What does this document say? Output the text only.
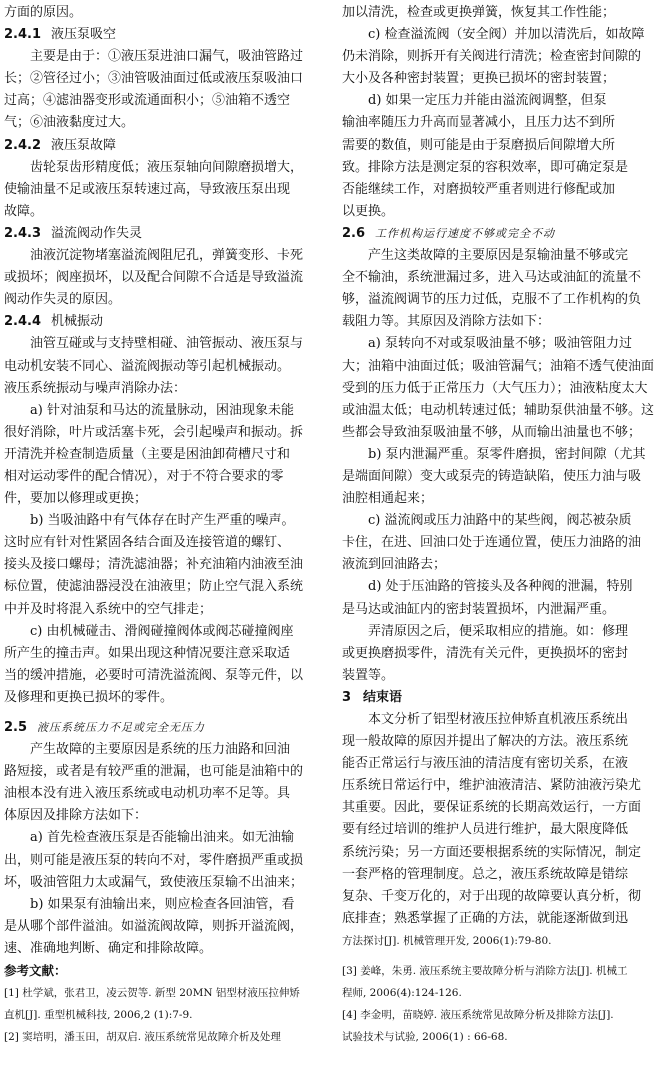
方面的原因。
2.4.1 液压泵吸空
主要是由于：①液压泵进油口漏气，吸油管路过
长；②管径过小；③油管吸油面过低或液压泵吸油口
过高；④滤油器变形或流通面积小；⑤油箱不透空
气；⑥油液黏度过大。
2.4.2 液压泵故障
齿轮泵齿形精度低；液压泵轴向间隙磨损增大，
使输油量不足或液压泵转速过高，导致液压泵出现
故障。
2.4.3 溢流阀动作失灵
油液沉淀物堵塞溢流阀阻尼孔，弹簧变形、卡死
或损坏；阀座损坏，以及配合间隙不合适是导致溢流
阀动作失灵的原因。
2.4.4 机械振动
油管互碰或与支持壁相碰、油管振动、液压泵与
电动机安装不同心、溢流阀振动等引起机械振动。
液压系统振动与噪声消除办法：
a) 针对油泵和马达的流量脉动，困油现象未能
很好消除，叶片或活塞卡死，会引起噪声和振动。拆
开清洗并检查制造质量（主要是困油卸荷槽尺寸和
相对运动零件的配合情况），对于不符合要求的零
件，要加以修理或更换；
b) 当吸油路中有气体存在时产生严重的噪声。
这时应有针对性紧固各结合面及连接管道的螺钉、
接头及接口螺母；清洗滤油器；补充油箱内油液至油
标位置，使滤油器浸没在油液里；防止空气混入系统
中并及时将混入系统中的空气排走；
c) 由机械碰击、滑阀碰撞阀体或阀芯碰撞阀座
所产生的撞击声。如果出现这种情况要注意采取适
当的缓冲措施，必要时可清洗溢流阀、泵等元件，以
及修理和更换已损坏的零件。
2.5 液压系统压力不足或完全无压力
产生故障的主要原因是系统的压力油路和回油
路短接，或者是有较严重的泄漏，也可能是油箱中的
油根本没有进入液压系统或电动机功率不足等。具
体原因及排除方法如下：
a) 首先检查液压泵是否能输出油来。如无油输
出，则可能是液压泵的转向不对，零件磨损严重或损
坏，吸油管阻力太或漏气，致使液压泵输不出油来；
b) 如果泵有油输出来，则应检查各回油管，看
是从哪个部件溢油。如溢流阀故障，则拆开溢流阀，
速、准确地判断、确定和排除故障。
参考文献：
[1] 杜学斌，张君卫，凌云贺等. 新型 20MN 铝型材液压拉伸矫
直机[J]. 重型机械科技, 2006,2 (1):7-9.
[2] 窦培明，潘玉田，胡双启. 液压系统常见故障介析及处理
加以清洗，检查或更换弹簧，恢复其工作性能；
c) 检查溢流阀（安全阀）并加以清洗后，如故障
仍未消除，则拆开有关阀进行清洗；检查密封间隙的
大小及各种密封装置；更换已损坏的密封装置；
d) 如果一定压力并能由溢流阀调整，但泵
输油率随压力升高而显著减小，且压力达不到所
需要的数值，则可能是由于泵磨损后间隙增大所
致。排除方法是测定泵的容积效率，即可确定泵是
否能继续工作，对磨损较严重者则进行修配或加
以更换。
2.6 工作机构运行速度不够或完全不动
产生这类故障的主要原因是泵输油量不够或完
全不输油，系统泄漏过多，进入马达或油缸的流量不
够，溢流阀调节的压力过低，克服不了工作机构的负
载阻力等。其原因及消除方法如下：
a) 泵转向不对或泵吸油量不够；吸油管阻力过
大；油箱中油面过低；吸油管漏气；油箱不透气使油面
受到的压力低于正常压力（大气压力）；油液粘度太大
或油温太低；电动机转速过低；辅助泵供油量不够。这
些都会导致油泵吸油量不够，从而输出油量也不够；
b) 泵内泄漏严重。泵零件磨损，密封间隙（尤其
是端面间隙）变大或泵壳的铸造缺陷，使压力油与吸
油腔相通起来；
c) 溢流阀或压力油路中的某些阀，阀芯被杂质
卡住，在进、回油口处于连通位置，使压力油路的油
液流到回油路去；
d) 处于压油路的管接头及各种阀的泄漏，特别
是马达或油缸内的密封装置损坏，内泄漏严重。
弄清原因之后，便采取相应的措施。如：修理
或更换磨损零件，清洗有关元件，更换损坏的密封
装置等。
3 结束语
本文分析了铝型材液压拉伸矫直机液压系统出
现一般故障的原因并提出了解决的方法。液压系统
能否正常运行与液压油的清洁度有密切关系，在液
压系统日常运行中，维护油液清洁、紧防油液污染尤
其重要。因此，要保证系统的长期高效运行，一方面
要有经过培训的维护人员进行维护，最大限度降低
系统污染；另一方面还要根据系统的实际情况，制定
一套严格的管理制度。总之，液压系统故障是错综
复杂、千变万化的，对于出现的故障要认真分析，彻
底排查；熟悉掌握了正确的方法，就能逐渐做到迅
方法探讨[J]. 机械管理开发, 2006(1):79-80.
[3] 姜峰，朱勇. 液压系统主要故障分析与消除方法[J]. 机械工
程师, 2006(4):124-126.
[4] 李金明，苗晓婷. 液压系统常见故障分析及排除方法[J].
试验技术与试验, 2006(1) : 66-68.
